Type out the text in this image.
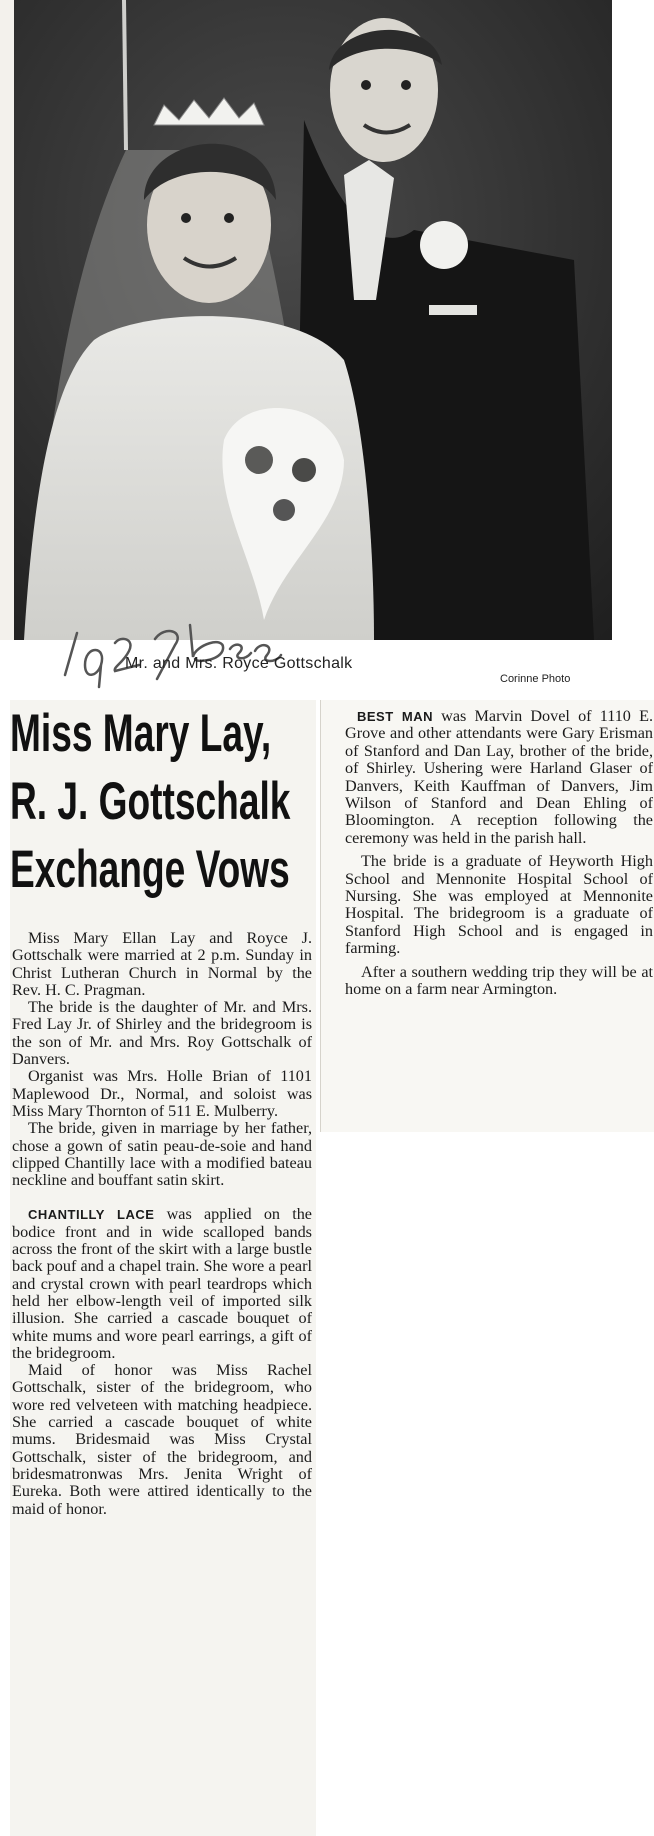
Mr. and Mrs. Royce Gottschalk
Corinne Photo
Miss Mary Lay,
R. J. Gottschalk
Exchange Vows

Miss Mary Ellan Lay and Royce J. Gottschalk were married at 2 p.m. Sunday in Christ Lutheran Church in Normal by the Rev. H. C. Pragman.

The bride is the daughter of Mr. and Mrs. Fred Lay Jr. of Shirley and the bridegroom is the son of Mr. and Mrs. Roy Gottschalk of Danvers.

Organist was Mrs. Holle Brian of 1101 Maplewood Dr., Normal, and soloist was Miss Mary Thornton of 511 E. Mulberry.

The bride, given in marriage by her father, chose a gown of satin peau-de-soie and hand clipped Chantilly lace with a modified bateau neckline and bouffant satin skirt.

CHANTILLY LACE was applied on the bodice front and in wide scalloped bands across the front of the skirt with a large bustle back pouf and a chapel train. She wore a pearl and crystal crown with pearl teardrops which held her elbow-length veil of imported silk illusion. She carried a cascade bouquet of white mums and wore pearl earrings, a gift of the bridegroom.

Maid of honor was Miss Rachel Gottschalk, sister of the bridegroom, who wore red velveteen with matching headpiece. She carried a cascade bouquet of white mums. Bridesmaid was Miss Crystal Gottschalk, sister of the bridegroom, and bridesmatronwas Mrs. Jenita Wright of Eureka. Both were attired identically to the maid of honor.

BEST MAN was Marvin Dovel of 1110 E. Grove and other attendants were Gary Erisman of Stanford and Dan Lay, brother of the bride, of Shirley. Ushering were Harland Glaser of Danvers, Keith Kauffman of Danvers, Jim Wilson of Stanford and Dean Ehling of Bloomington. A reception following the ceremony was held in the parish hall.

The bride is a graduate of Heyworth High School and Mennonite Hospital School of Nursing. She was employed at Mennonite Hospital. The bridegroom is a graduate of Stanford High School and is engaged in farming.

After a southern wedding trip they will be at home on a farm near Armington.
